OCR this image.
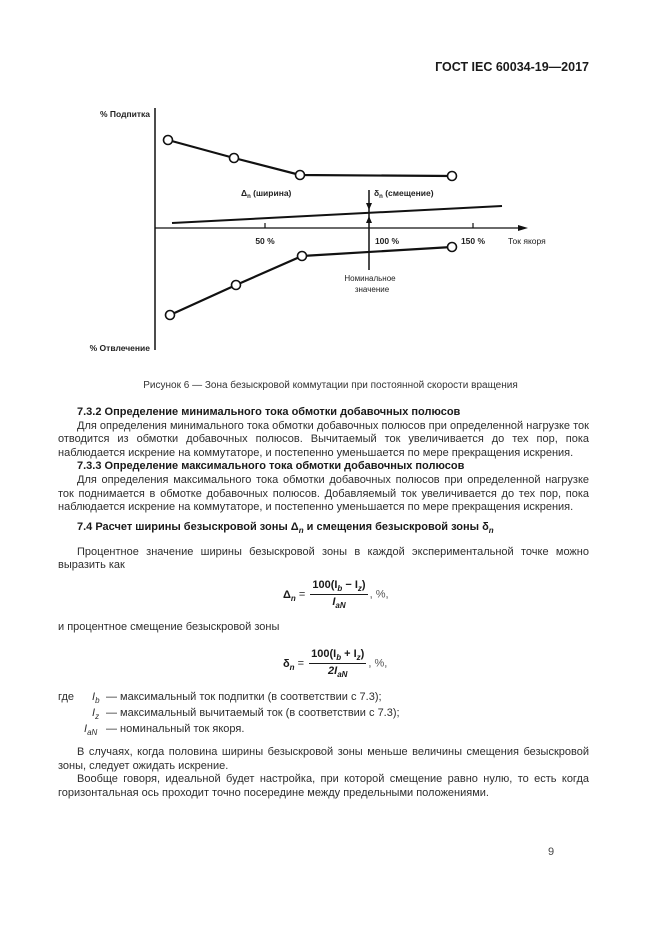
ГОСТ IEC 60034-19—2017
% Подпитка
% Отвлечение
Ток якоря
50 %	100 %	150 %
$\Delta_n$ (ширина)	$\delta_n$ (смещение)
Номинальное
значение
Рисунок 6 — Зона безыскровой коммутации при постоянной скорости вращения
7.3.2 Определение минимального тока обмотки добавочных полюсов
Для определения минимального тока обмотки добавочных полюсов при определенной нагрузке ток отводится из обмотки добавочных полюсов. Вычитаемый ток увеличивается до тех пор, пока наблюдается искрение на коммутаторе, и постепенно уменьшается по мере прекращения искрения.
7.3.3 Определение максимального тока обмотки добавочных полюсов
Для определения максимального тока обмотки добавочных полюсов при определенной нагрузке ток поднимается в обмотке добавочных полюсов. Добавляемый ток увеличивается до тех пор, пока наблюдается искрение на коммутаторе, и постепенно уменьшается по мере прекращения искрения.
7.4 Расчет ширины безыскровой зоны $\Delta_n$ и смещения безыскровой зоны $\delta_n$
Процентное значение ширины безыскровой зоны в каждой экспериментальной точке можно выразить как
$\Delta_n = \frac{100(I_b - I_z)}{I_{aN}}$ , %,
и процентное смещение безыскровой зоны
$\delta_n = \frac{100(I_b + I_z)}{2I_{aN}}$ , %,
где $I_b$ — максимальный ток подпитки (в соответствии с 7.3);
$I_z$ — максимальный вычитаемый ток (в соответствии с 7.3);
$I_{aN}$ — номинальный ток якоря.
В случаях, когда половина ширины безыскровой зоны меньше величины смещения безыскровой зоны, следует ожидать искрение.
Вообще говоря, идеальной будет настройка, при которой смещение равно нулю, то есть когда горизонтальная ось проходит точно посередине между предельными положениями.
9
